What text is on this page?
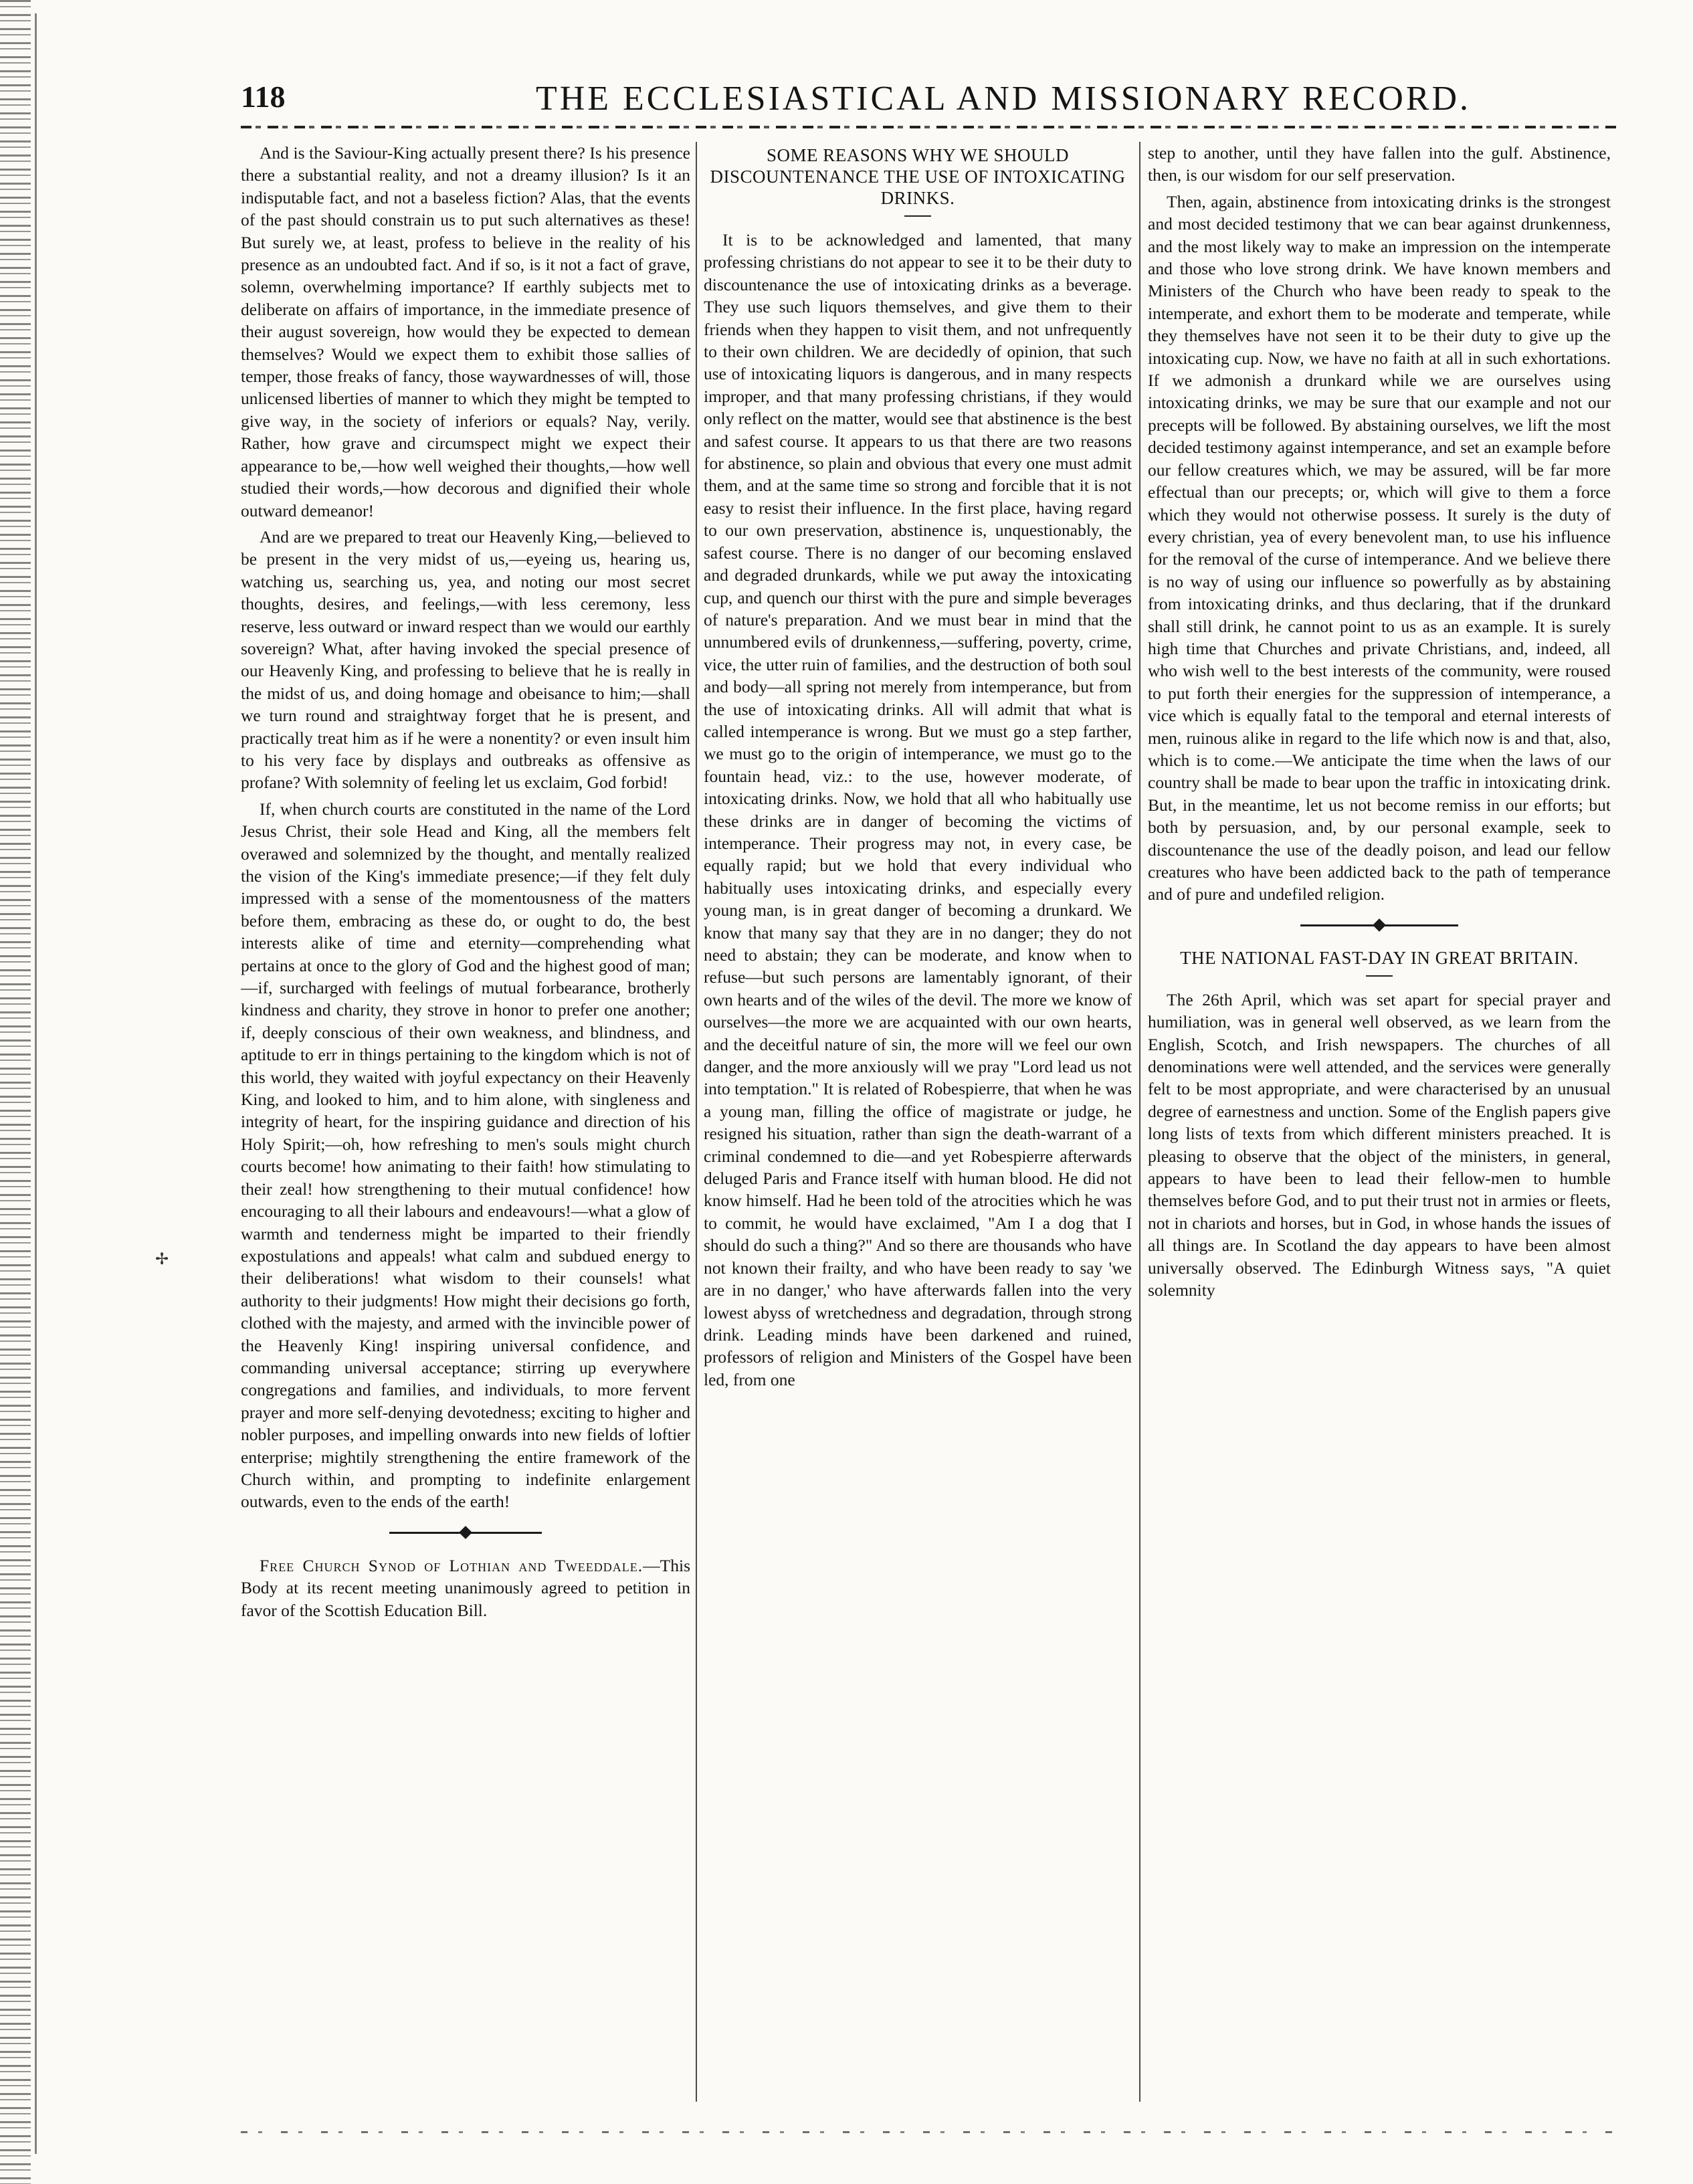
118	THE ECCLESIASTICAL AND MISSIONARY RECORD.

And is the Saviour-King actually present there? Is his presence there a substantial reality, and not a dreamy illusion? Is it an indisputable fact, and not a baseless fiction? Alas, that the events of the past should constrain us to put such alternatives as these! But surely we, at least, profess to believe in the reality of his presence as an undoubted fact. And if so, is it not a fact of grave, solemn, overwhelming importance? If earthly subjects met to deliberate on affairs of importance, in the immediate presence of their august sovereign, how would they be expected to demean themselves? Would we expect them to exhibit those sallies of temper, those freaks of fancy, those waywardnesses of will, those unlicensed liberties of manner to which they might be tempted to give way, in the society of inferiors or equals? Nay, verily. Rather, how grave and circumspect might we expect their appearance to be,—how well weighed their thoughts,—how well studied their words,—how decorous and dignified their whole outward demeanor!

And are we prepared to treat our Heavenly King,—believed to be present in the very midst of us,—eyeing us, hearing us, watching us, searching us, yea, and noting our most secret thoughts, desires, and feelings,—with less ceremony, less reserve, less outward or inward respect than we would our earthly sovereign? What, after having invoked the special presence of our Heavenly King, and professing to believe that he is really in the midst of us, and doing homage and obeisance to him;—shall we turn round and straightway forget that he is present, and practically treat him as if he were a nonentity? or even insult him to his very face by displays and outbreaks as offensive as profane? With solemnity of feeling let us exclaim, God forbid!

If, when church courts are constituted in the name of the Lord Jesus Christ, their sole Head and King, all the members felt overawed and solemnized by the thought, and mentally realized the vision of the King's immediate presence;—if they felt duly impressed with a sense of the momentousness of the matters before them, embracing as these do, or ought to do, the best interests alike of time and eternity—comprehending what pertains at once to the glory of God and the highest good of man;—if, surcharged with feelings of mutual forbearance, brotherly kindness and charity, they strove in honor to prefer one another; if, deeply conscious of their own weakness, and blindness, and aptitude to err in things pertaining to the kingdom which is not of this world, they waited with joyful expectancy on their Heavenly King, and looked to him, and to him alone, with singleness and integrity of heart, for the inspiring guidance and direction of his Holy Spirit;—oh, how refreshing to men's souls might church courts become! how animating to their faith! how stimulating to their zeal! how strengthening to their mutual confidence! how encouraging to all their labours and endeavours!—what a glow of warmth and tenderness might be imparted to their friendly expostulations and appeals! what calm and subdued energy to their deliberations! what wisdom to their counsels! what authority to their judgments! How might their decisions go forth, clothed with the majesty, and armed with the invincible power of the Heavenly King! inspiring universal confidence, and commanding universal acceptance; stirring up everywhere congregations and families, and individuals, to more fervent prayer and more self-denying devotedness; exciting to higher and nobler purposes, and impelling onwards into new fields of loftier enterprise; mightily strengthening the entire framework of the Church within, and prompting to indefinite enlargement outwards, even to the ends of the earth!

Free Church Synod of Lothian and Tweeddale.—This Body at its recent meeting unanimously agreed to petition in favor of the Scottish Education Bill.

SOME REASONS WHY WE SHOULD DISCOUNTENANCE THE USE OF INTOXICATING DRINKS.

It is to be acknowledged and lamented, that many professing christians do not appear to see it to be their duty to discountenance the use of intoxicating drinks as a beverage. They use such liquors themselves, and give them to their friends when they happen to visit them, and not unfrequently to their own children. We are decidedly of opinion, that such use of intoxicating liquors is dangerous, and in many respects improper, and that many professing christians, if they would only reflect on the matter, would see that abstinence is the best and safest course. It appears to us that there are two reasons for abstinence, so plain and obvious that every one must admit them, and at the same time so strong and forcible that it is not easy to resist their influence. In the first place, having regard to our own preservation, abstinence is, unquestionably, the safest course. There is no danger of our becoming enslaved and degraded drunkards, while we put away the intoxicating cup, and quench our thirst with the pure and simple beverages of nature's preparation. And we must bear in mind that the unnumbered evils of drunkenness,—suffering, poverty, crime, vice, the utter ruin of families, and the destruction of both soul and body—all spring not merely from intemperance, but from the use of intoxicating drinks. All will admit that what is called intemperance is wrong. But we must go a step farther, we must go to the origin of intemperance, we must go to the fountain head, viz.: to the use, however moderate, of intoxicating drinks. Now, we hold that all who habitually use these drinks are in danger of becoming the victims of intemperance. Their progress may not, in every case, be equally rapid; but we hold that every individual who habitually uses intoxicating drinks, and especially every young man, is in great danger of becoming a drunkard. We know that many say that they are in no danger; they do not need to abstain; they can be moderate, and know when to refuse—but such persons are lamentably ignorant, of their own hearts and of the wiles of the devil. The more we know of ourselves—the more we are acquainted with our own hearts, and the deceitful nature of sin, the more will we feel our own danger, and the more anxiously will we pray "Lord lead us not into temptation." It is related of Robespierre, that when he was a young man, filling the office of magistrate or judge, he resigned his situation, rather than sign the death-warrant of a criminal condemned to die—and yet Robespierre afterwards deluged Paris and France itself with human blood. He did not know himself. Had he been told of the atrocities which he was to commit, he would have exclaimed, "Am I a dog that I should do such a thing?" And so there are thousands who have not known their frailty, and who have been ready to say 'we are in no danger,' who have afterwards fallen into the very lowest abyss of wretchedness and degradation, through strong drink. Leading minds have been darkened and ruined, professors of religion and Ministers of the Gospel have been led, from one

step to another, until they have fallen into the gulf. Abstinence, then, is our wisdom for our self preservation.

Then, again, abstinence from intoxicating drinks is the strongest and most decided testimony that we can bear against drunkenness, and the most likely way to make an impression on the intemperate and those who love strong drink. We have known members and Ministers of the Church who have been ready to speak to the intemperate, and exhort them to be moderate and temperate, while they themselves have not seen it to be their duty to give up the intoxicating cup. Now, we have no faith at all in such exhortations. If we admonish a drunkard while we are ourselves using intoxicating drinks, we may be sure that our example and not our precepts will be followed. By abstaining ourselves, we lift the most decided testimony against intemperance, and set an example before our fellow creatures which, we may be assured, will be far more effectual than our precepts; or, which will give to them a force which they would not otherwise possess. It surely is the duty of every christian, yea of every benevolent man, to use his influence for the removal of the curse of intemperance. And we believe there is no way of using our influence so powerfully as by abstaining from intoxicating drinks, and thus declaring, that if the drunkard shall still drink, he cannot point to us as an example. It is surely high time that Churches and private Christians, and, indeed, all who wish well to the best interests of the community, were roused to put forth their energies for the suppression of intemperance, a vice which is equally fatal to the temporal and eternal interests of men, ruinous alike in regard to the life which now is and that, also, which is to come.—We anticipate the time when the laws of our country shall be made to bear upon the traffic in intoxicating drink. But, in the meantime, let us not become remiss in our efforts; but both by persuasion, and, by our personal example, seek to discountenance the use of the deadly poison, and lead our fellow creatures who have been addicted back to the path of temperance and of pure and undefiled religion.

THE NATIONAL FAST-DAY IN GREAT BRITAIN.

The 26th April, which was set apart for special prayer and humiliation, was in general well observed, as we learn from the English, Scotch, and Irish newspapers. The churches of all denominations were well attended, and the services were generally felt to be most appropriate, and were characterised by an unusual degree of earnestness and unction. Some of the English papers give long lists of texts from which different ministers preached. It is pleasing to observe that the object of the ministers, in general, appears to have been to lead their fellow-men to humble themselves before God, and to put their trust not in armies or fleets, not in chariots and horses, but in God, in whose hands the issues of all things are. In Scotland the day appears to have been almost universally observed. The Edinburgh Witness says, "A quiet solemnity

✢
